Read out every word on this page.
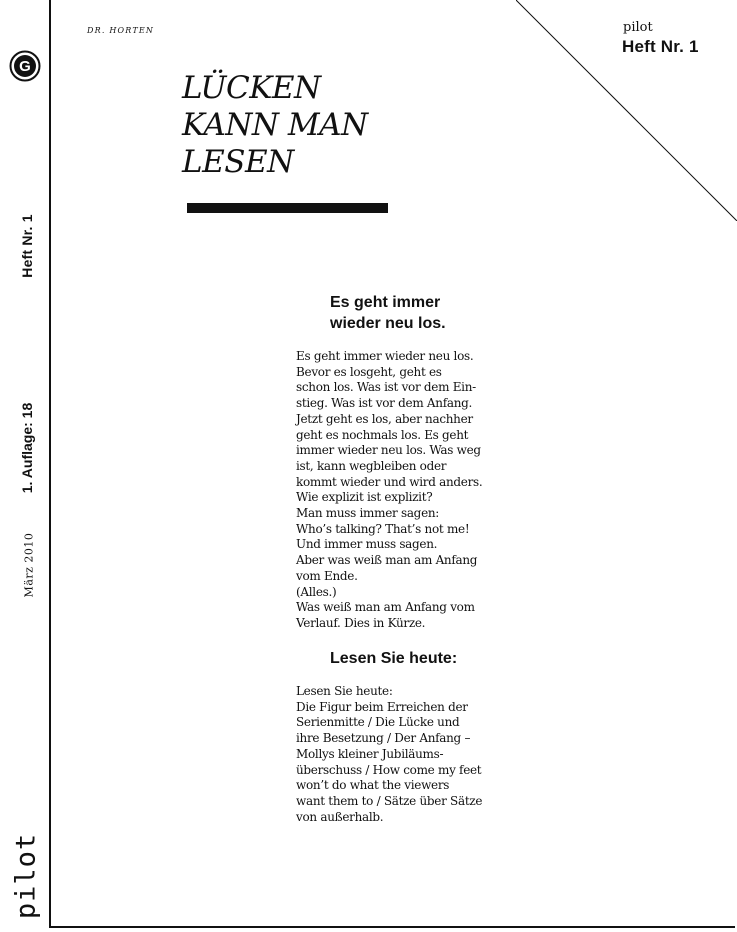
G
Heft Nr. 1
1. Auflage: 18
März 2010
pilot
DR. HORTEN	pilot
Heft Nr. 1
LÜCKEN
KANN MAN
LESEN
Es geht immer
wieder neu los.
Es geht immer wieder neu los.
Bevor es losgeht, geht es
schon los. Was ist vor dem Ein-
stieg. Was ist vor dem Anfang.
Jetzt geht es los, aber nachher
geht es nochmals los. Es geht
immer wieder neu los. Was weg
ist, kann wegbleiben oder
kommt wieder und wird anders.
Wie explizit ist explizit?
Man muss immer sagen:
Who’s talking? That’s not me!
Und immer muss sagen.
Aber was weiß man am Anfang
vom Ende.
(Alles.)
Was weiß man am Anfang vom
Verlauf. Dies in Kürze.
Lesen Sie heute:
Lesen Sie heute:
Die Figur beim Erreichen der
Serienmitte / Die Lücke und
ihre Besetzung / Der Anfang –
Mollys kleiner Jubiläums-
überschuss / How come my feet
won’t do what the viewers
want them to / Sätze über Sätze
von außerhalb.
